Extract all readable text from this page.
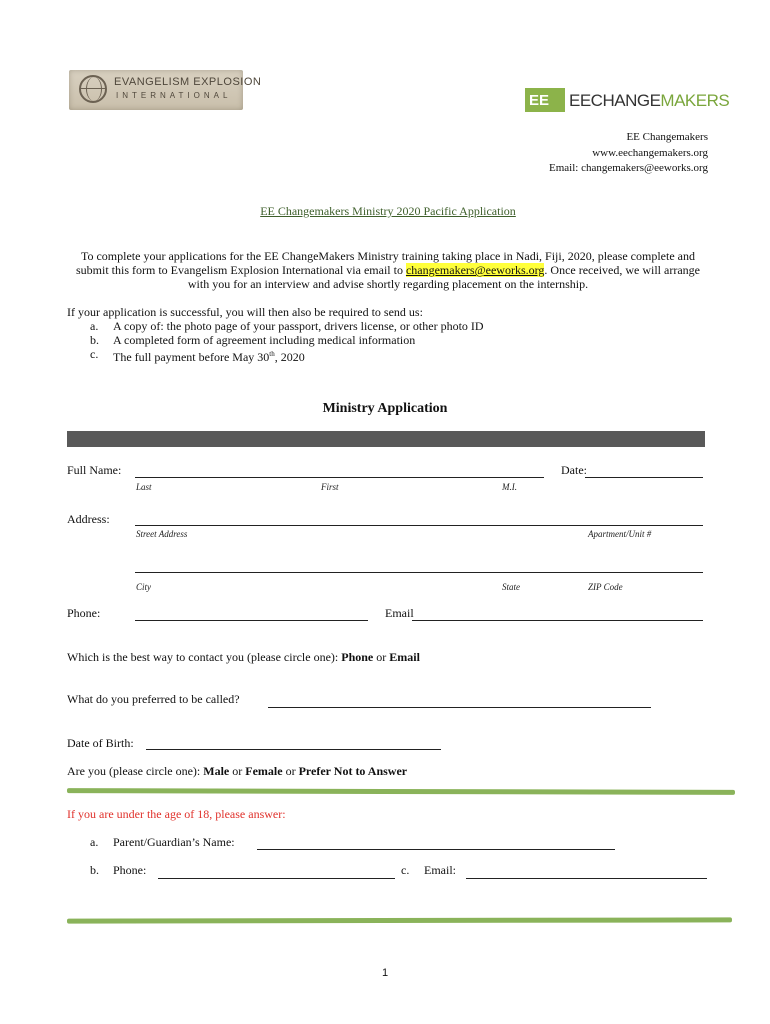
EVANGELISM EXPLOSION
INTERNATIONAL	EE EECHANGEMAKERS
EE Changemakers
www.eechangemakers.org
Email: changemakers@eeworks.org
EE Changemakers Ministry 2020 Pacific Application
To complete your applications for the EE ChangeMakers Ministry training taking place in Nadi, Fiji, 2020, please complete and
submit this form to Evangelism Explosion International via email to changemakers@eeworks.org. Once received, we will arrange
with you for an interview and advise shortly regarding placement on the internship.
If your application is successful, you will then also be required to send us:
a. A copy of: the photo page of your passport, drivers license, or other photo ID
b. A completed form of agreement including medical information
c. The full payment before May 30th, 2020
Ministry Application
Full Name:	Date:
Last	First	M.I.
Address:
Street Address	Apartment/Unit #
City	State	ZIP Code
Phone:	Email
Which is the best way to contact you (please circle one): Phone or Email
What do you preferred to be called?
Date of Birth:
Are you (please circle one): Male or Female or Prefer Not to Answer
If you are under the age of 18, please answer:
a. Parent/Guardian’s Name:
b. Phone:	c. Email:
1
